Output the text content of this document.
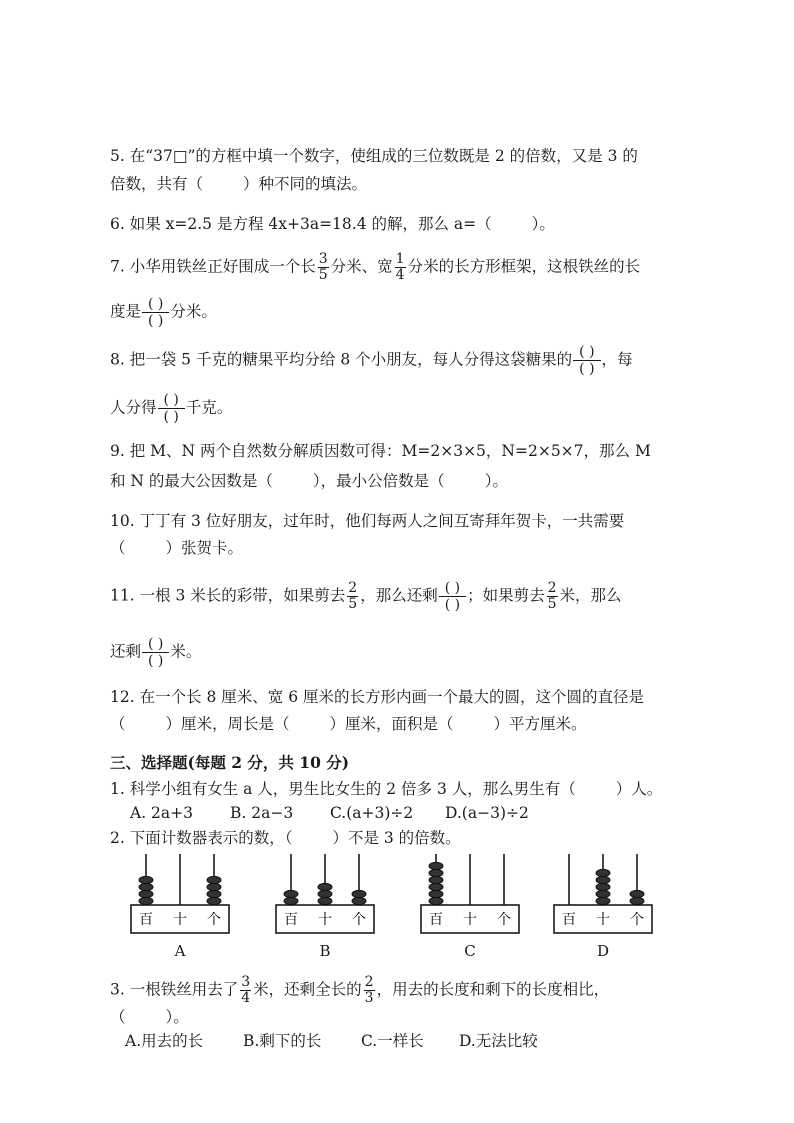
5. 在“37□”的方框中填一个数字，使组成的三位数既是 2 的倍数，又是 3 的
倍数，共有（	）种不同的填法。
6. 如果 x=2.5 是方程 4x+3a=18.4 的解，那么 a=（	）。
7. 小华用铁丝正好围成一个长 $\frac{3}{5}$ 分米、宽 $\frac{1}{4}$ 分米的长方形框架，这根铁丝的长
度是 ( )
( )
分米。
8. 把一袋 5 千克的糖果平均分给 8 个小朋友，每人分得这袋糖果的 ( )
( )
，每
人分得 ( )
( )
千克。
9. 把 M、N 两个自然数分解质因数可得：M=2×3×5，N=2×5×7，那么 M
和 N 的最大公因数是（	），最小公倍数是（	）。
10. 丁丁有 3 位好朋友，过年时，他们每两人之间互寄拜年贺卡，一共需要
（	）张贺卡。
11. 一根 3 米长的彩带，如果剪去 $\frac{2}{5}$ ，那么还剩 ( )
( )
；如果剪去 $\frac{2}{5}$ 米，那么
还剩 ( )
( )
米。
12. 在一个长 8 厘米、宽 6 厘米的长方形内画一个最大的圆，这个圆的直径是
（	）厘米，周长是（	）厘米，面积是（	）平方厘米。
三、选择题(每题 2 分，共 10 分)
1. 科学小组有女生 a 人，男生比女生的 2 倍多 3 人，那么男生有（	）人。
A. 2a+3 B. 2a−3 C.(a+3)÷2 D.(a−3)÷2
2. 下面计数器表示的数，（	）不是 3 的倍数。
百 十 个
A
百 十 个
B
百 十 个
C
百 十 个
D
3. 一根铁丝用去了 $\frac{3}{4}$ 米，还剩全长的 $\frac{2}{3}$ ，用去的长度和剩下的长度相比，
（	）。
A.用去的长	B.剩下的长	C.一样长 D.无法比较
